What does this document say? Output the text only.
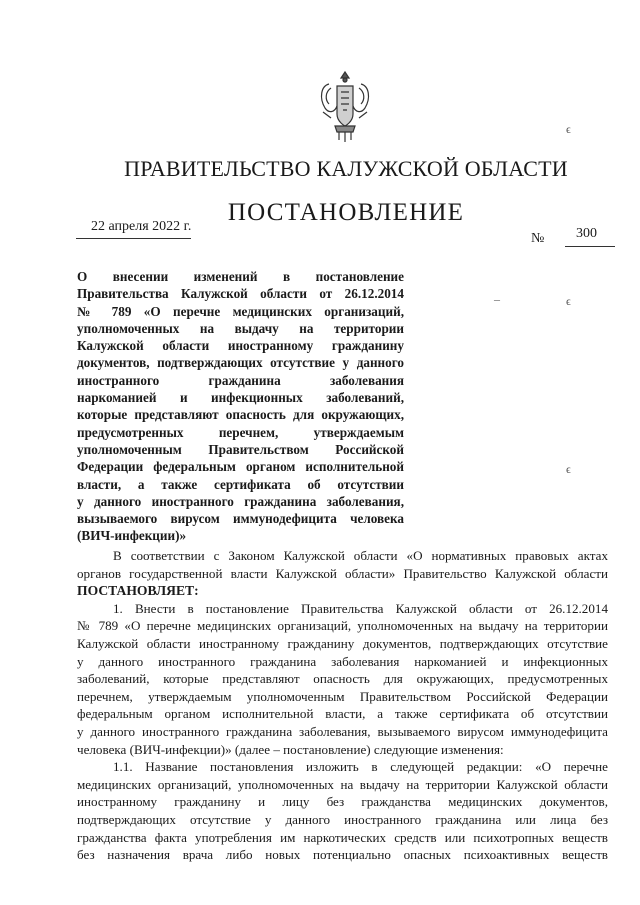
ПРАВИТЕЛЬСТВО КАЛУЖСКОЙ ОБЛАСТИ
ПОСТАНОВЛЕНИЕ
22 апреля 2022 г.
№ 300
ϵ
–	ϵ
ϵ
О внесении изменений в постановление
Правительства Калужской области от 26.12.2014
№ 789 «О перечне медицинских организаций,
уполномоченных на выдачу на территории
Калужской области иностранному гражданину
документов, подтверждающих отсутствие у данного
иностранного гражданина заболевания
наркоманией и инфекционных заболеваний,
которые представляют опасность для окружающих,
предусмотренных перечнем, утверждаемым
уполномоченным Правительством Российской
Федерации федеральным органом исполнительной
власти, а также сертификата об отсутствии
у данного иностранного гражданина заболевания,
вызываемого вирусом иммунодефицита человека
(ВИЧ-инфекции)»
В соответствии с Законом Калужской области «О нормативных правовых актах
органов государственной власти Калужской области» Правительство Калужской области
ПОСТАНОВЛЯЕТ:
1. Внести в постановление Правительства Калужской области от 26.12.2014
№ 789 «О перечне медицинских организаций, уполномоченных на выдачу на территории
Калужской области иностранному гражданину документов, подтверждающих отсутствие
у данного иностранного гражданина заболевания наркоманией и инфекционных
заболеваний, которые представляют опасность для окружающих, предусмотренных
перечнем, утверждаемым уполномоченным Правительством Российской Федерации
федеральным органом исполнительной власти, а также сертификата об отсутствии
у данного иностранного гражданина заболевания, вызываемого вирусом иммунодефицита
человека (ВИЧ-инфекции)» (далее – постановление) следующие изменения:
1.1. Название постановления изложить в следующей редакции: «О перечне
медицинских организаций, уполномоченных на выдачу на территории Калужской области
иностранному гражданину и лицу без гражданства медицинских документов,
подтверждающих отсутствие у данного иностранного гражданина или лица без
гражданства факта употребления им наркотических средств или психотропных веществ
без назначения врача либо новых потенциально опасных психоактивных веществ
